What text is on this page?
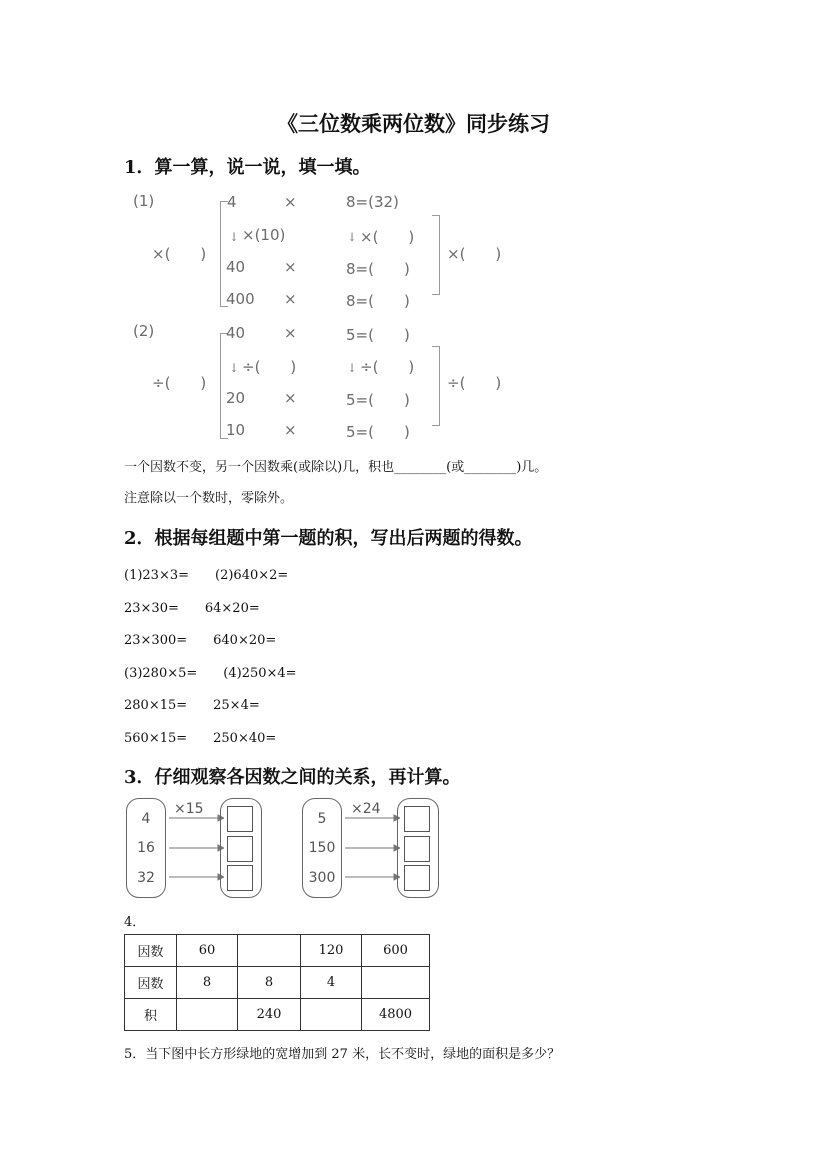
《三位数乘两位数》同步练习
1．算一算，说一说，填一填。
(1)
×(　　)
4	×	8=(32)
↓ ×(10)	↓ ×(　　)
40	×	8=(　　)
400 ×	8=(　　)
×(　　)
(2)
÷(　　)
40	×	5=(　　)
↓ ÷(　　)	↓ ÷(　　)
20	×	5=(　　)
10	×	5=(　　)
÷(　　)
一个因数不变，另一个因数乘(或除以)几，积也________(或________)几。
注意除以一个数时，零除外。
2．根据每组题中第一题的积，写出后两题的得数。
(1)23×3=　　(2)640×2=
23×30=　　64×20=
23×300=　　640×20=
(3)280×5=　　(4)250×4=
280×15=　　25×4=
560×15=　　250×40=
3．仔细观察各因数之间的关系，再计算。
4
16
32
×15
5
150
300
×24
4．
因数	60		120	600
因数	8	8	4	
积		240		4800
5．当下图中长方形绿地的宽增加到 27 米，长不变时，绿地的面积是多少？
